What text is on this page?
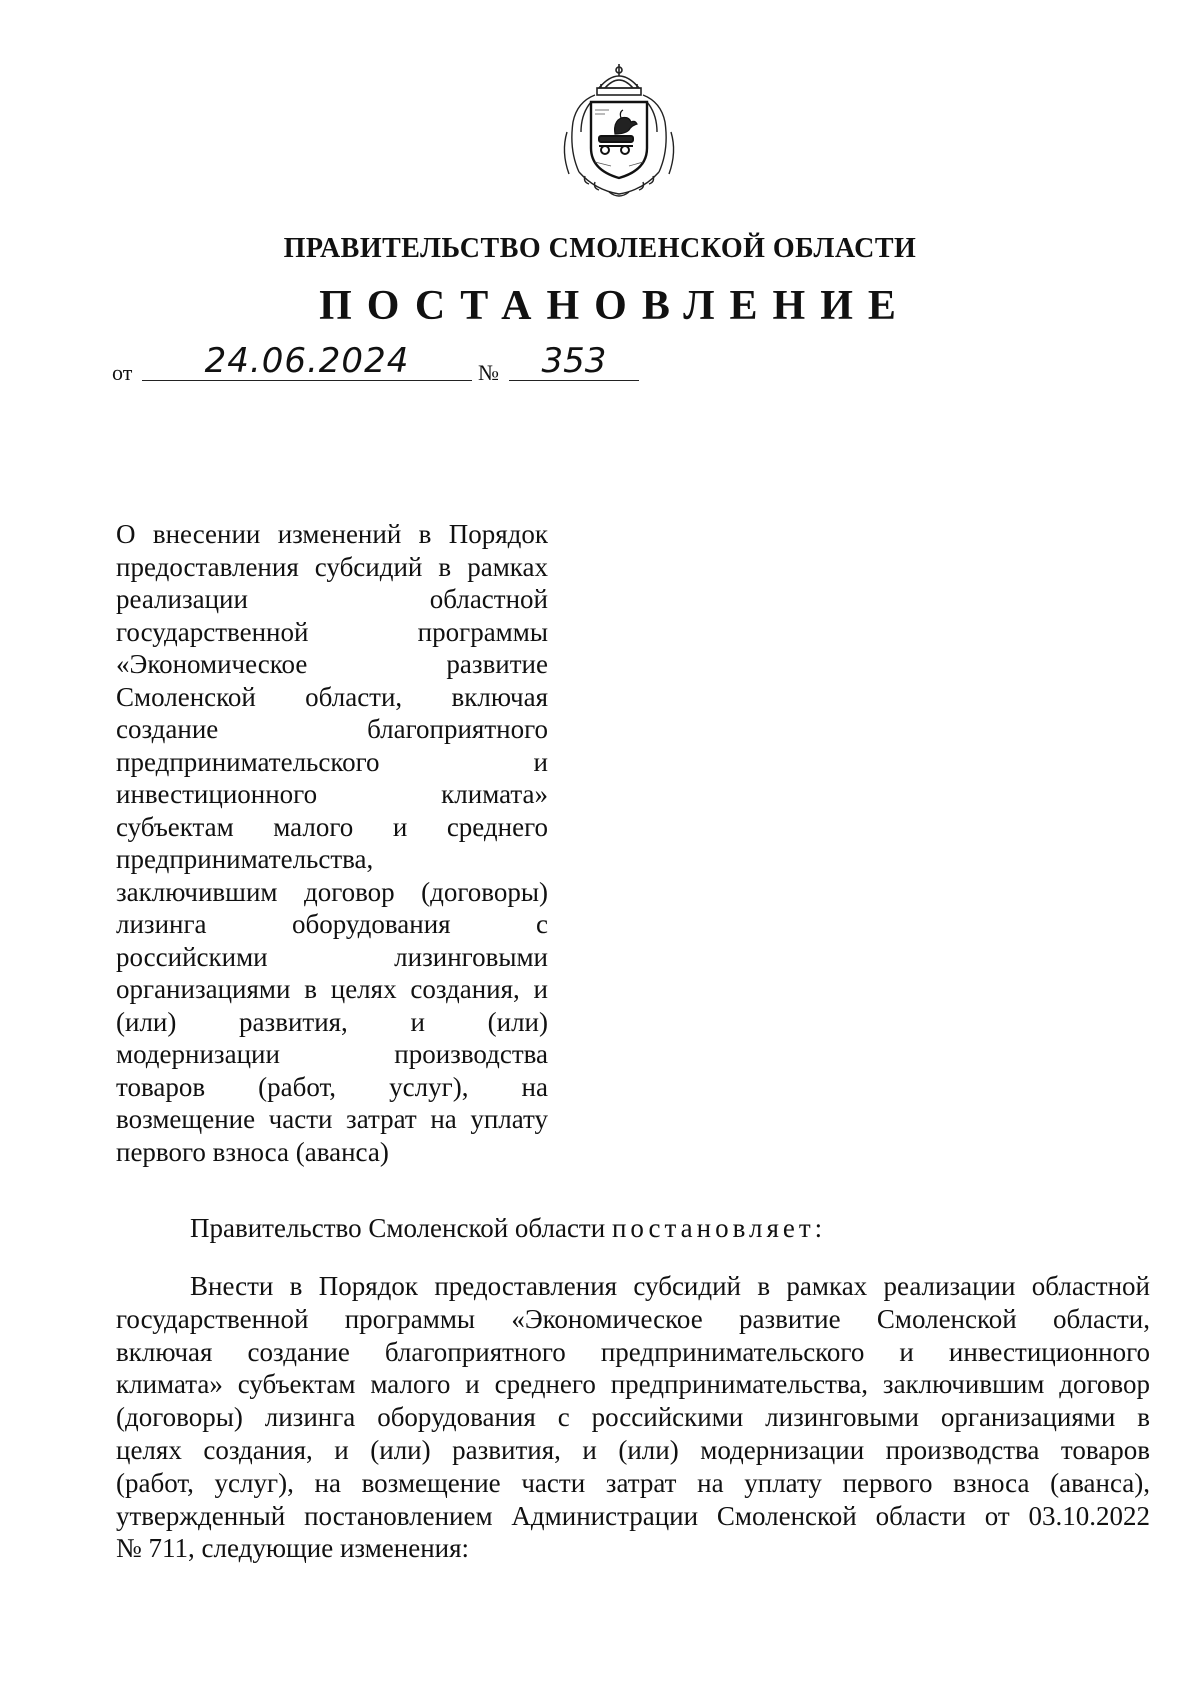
ПРАВИТЕЛЬСТВО СМОЛЕНСКОЙ ОБЛАСТИ
ПОСТАНОВЛЕНИЕ
от	24.06.2024	№	353
О внесении изменений в Порядок
предоставления субсидий в рамках
реализации областной
государственной программы
«Экономическое развитие
Смоленской области, включая
создание благоприятного
предпринимательского и
инвестиционного климата»
субъектам малого и среднего
предпринимательства,
заключившим договор (договоры)
лизинга оборудования с
российскими лизинговыми
организациями в целях создания, и
(или) развития, и (или)
модернизации производства
товаров (работ, услуг), на
возмещение части затрат на уплату
первого взноса (аванса)
Правительство Смоленской области постановляет:
Внести в Порядок предоставления субсидий в рамках реализации областной
государственной программы «Экономическое развитие Смоленской области,
включая создание благоприятного предпринимательского и инвестиционного
климата» субъектам малого и среднего предпринимательства, заключившим договор
(договоры) лизинга оборудования с российскими лизинговыми организациями в
целях создания, и (или) развития, и (или) модернизации производства товаров
(работ, услуг), на возмещение части затрат на уплату первого взноса (аванса),
утвержденный постановлением Администрации Смоленской области от 03.10.2022
№ 711, следующие изменения:
